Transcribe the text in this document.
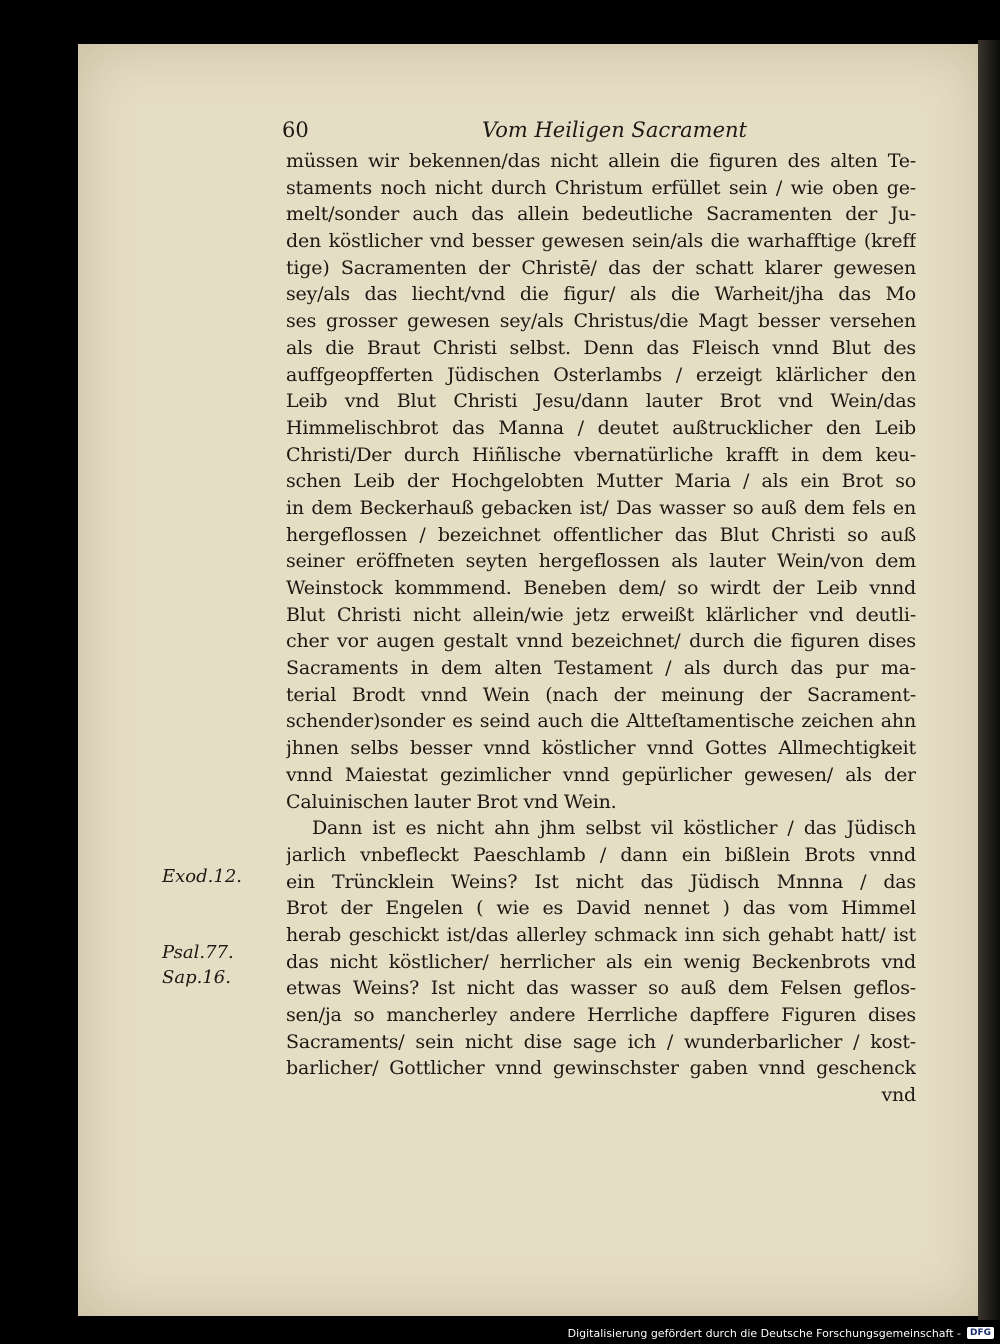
60	Vom Heiligen Sacrament
müssen wir bekennen/das nicht allein die figuren des alten Te-
staments noch nicht durch Christum erfüllet sein / wie oben ge-
melt/sonder auch das allein bedeutliche Sacramenten der Ju-
den köstlicher vnd besser gewesen sein/als die warhafftige (kreff
tige) Sacramenten der Christē/ das der schatt klarer gewesen
sey/als das liecht/vnd die figur/ als die Warheit/jha das Mo
ses grosser gewesen sey/als Christus/die Magt besser versehen
als die Braut Christi selbst. Denn das Fleisch vnnd Blut des
auffgeopfferten Jüdischen Osterlambs / erzeigt klärlicher den
Leib vnd Blut Christi Jesu/dann lauter Brot vnd Wein/das
Himmelischbrot das Manna / deutet außtrucklicher den Leib
Christi/Der durch Hiñlische vbernatürliche krafft in dem keu-
schen Leib der Hochgelobten Mutter Maria / als ein Brot so
in dem Beckerhauß gebacken ist/ Das wasser so auß dem fels en
hergeflossen / bezeichnet offentlicher das Blut Christi so auß
seiner eröffneten seyten hergeflossen als lauter Wein/von dem
Weinstock kommmend. Beneben dem/ so wirdt der Leib vnnd
Blut Christi nicht allein/wie jetz erweißt klärlicher vnd deutli-
cher vor augen gestalt vnnd bezeichnet/ durch die figuren dises
Sacraments in dem alten Testament / als durch das pur ma-
terial Brodt vnnd Wein (nach der meinung der Sacrament-
schender)sonder es seind auch die Altteſtamentische zeichen ahn
jhnen selbs besser vnnd köstlicher vnnd Gottes Allmechtigkeit
vnnd Maiestat gezimlicher vnnd gepürlicher gewesen/ als der
Caluinischen lauter Brot vnd Wein.
Dann ist es nicht ahn jhm selbst vil köstlicher / das Jüdisch
jarlich vnbefleckt Paeschlamb / dann ein bißlein Brots vnnd
ein Trüncklein Weins? Ist nicht das Jüdisch Mnnna / das
Brot der Engelen ( wie es David nennet ) das vom Himmel
herab geschickt ist/das allerley schmack inn sich gehabt hatt/ ist
das nicht köstlicher/ herrlicher als ein wenig Beckenbrots vnd
etwas Weins? Ist nicht das wasser so auß dem Felsen geflos-
sen/ja so mancherley andere Herrliche dapffere Figuren dises
Sacraments/ sein nicht dise sage ich / wunderbarlicher / kost-
barlicher/ Gottlicher vnnd gewinschster gaben vnnd geschenck
vnd
Exod.12.
Psal.77.
Sap.16.
Digitalisierung gefördert durch die Deutsche Forschungsgemeinschaft -	DFG
